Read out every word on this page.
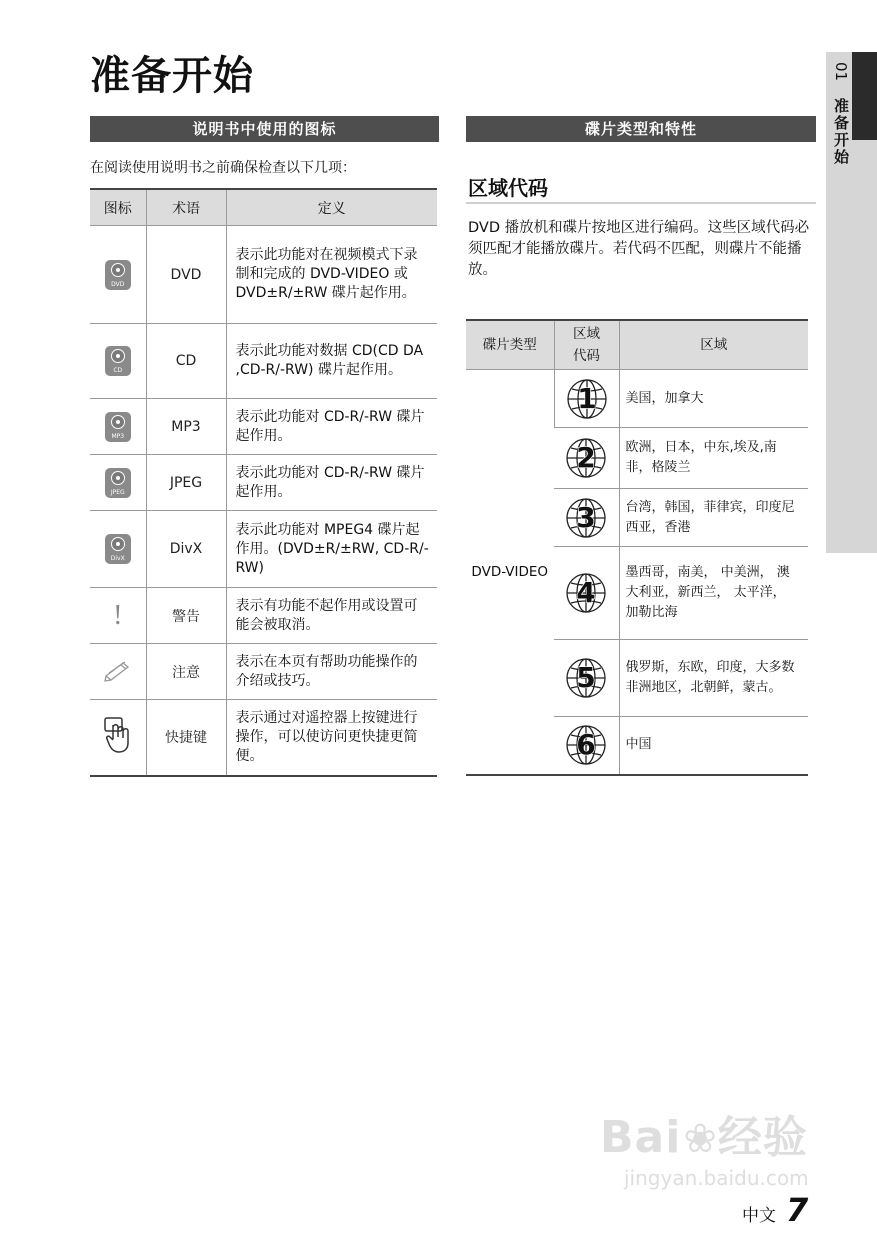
准备开始	01 准备开始
说明书中使用的图标
在阅读使用说明书之前确保检查以下几项：
图标	术语	定义

DVD	DVD	表示此功能对在视频模式下录制和完成的 DVD-VIDEO 或 DVD±R/±RW 碟片起作用。

CD	CD	表示此功能对数据 CD(CD DA ,CD-R/-RW) 碟片起作用。

MP3	MP3	表示此功能对 CD-R/-RW 碟片起作用。

JPEG	JPEG	表示此功能对 CD-R/-RW 碟片起作用。

DivX	DivX	表示此功能对 MPEG4 碟片起作用。(DVD±R/±RW, CD-R/-RW)
!	警告	表示有功能不起作用或设置可能会被取消。
	注意	表示在本页有帮助功能操作的介绍或技巧。
	快捷键	表示通过对遥控器上按键进行操作，可以使访问更快捷更简便。
碟片类型和特性
区域代码
DVD 播放机和碟片按地区进行编码。这些区域代码必须匹配才能播放碟片。若代码不匹配，则碟片不能播放。
碟片类型	区域代码	区域
DVD-VIDEO	1	美国，加拿大

2	欧洲，日本，中东,埃及,南非，格陵兰

3	台湾，韩国，菲律宾，印度尼西亚，香港

4	墨西哥，南美， 中美洲， 澳大利亚，新西兰， 太平洋， 加勒比海

5	俄罗斯，东欧，印度，大多数非洲地区，北朝鲜，蒙古。

6	中国
Bai❀经验
jingyan.baidu.com
中文 7
